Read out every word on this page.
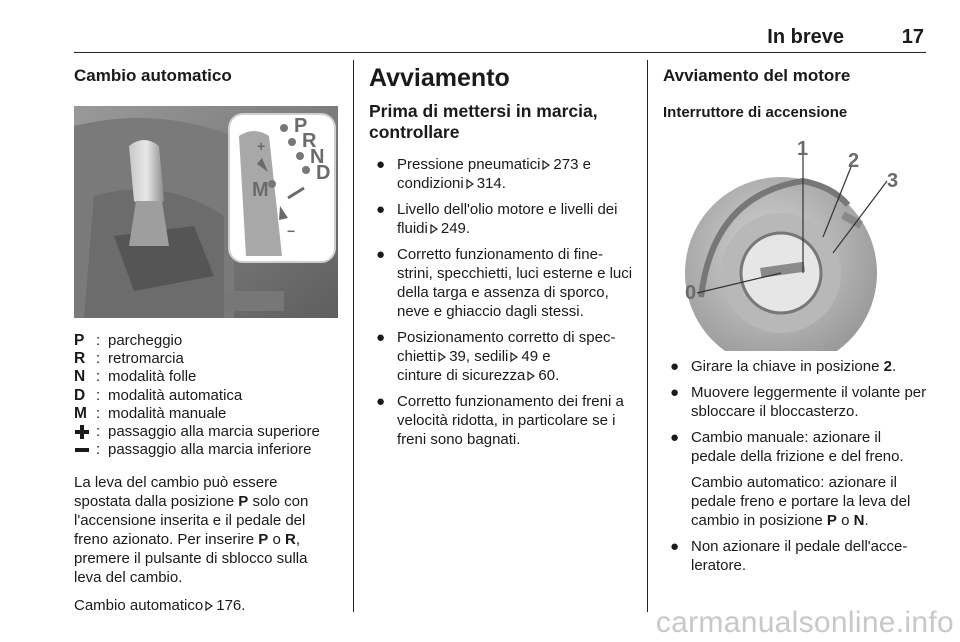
In breve	17
Cambio automatico
P
R
N
D
M
+
−
P : parcheggio
R : retromarcia
N : modalità folle
D : modalità automatica
M : modalità manuale
: passaggio alla marcia superiore
: passaggio alla marcia inferiore

La leva del cambio può essere spostata dalla posizione P solo con l'accensione inserita e il pedale del freno azionato. Per inserire P o R, premere il pulsante di sblocco sulla leva del cambio.

Cambio automatico 176.

Avviamento
Prima di mettersi in marcia, controllare
● Pressione pneumatici 273 e
condizioni 314.
● Livello dell'olio motore e livelli dei fluidi 249.
● Corretto funzionamento di fine-strini, specchietti, luci esterne e luci della targa e assenza di sporco, neve e ghiaccio dagli stessi.
● Posizionamento corretto di spec-chietti 39, sedili 49 e
cinture di sicurezza 60.
● Corretto funzionamento dei freni a velocità ridotta, in particolare se i freni sono bagnati.
Avviamento del motore
Interruttore di accensione
0
1
2
3
● Girare la chiave in posizione 2.
● Muovere leggermente il volante per sbloccare il bloccasterzo.
● Cambio manuale: azionare il pedale della frizione e del freno.
Cambio automatico: azionare il pedale freno e portare la leva del cambio in posizione P o N.
● Non azionare il pedale dell'acce-leratore.
carmanualsonline.info
